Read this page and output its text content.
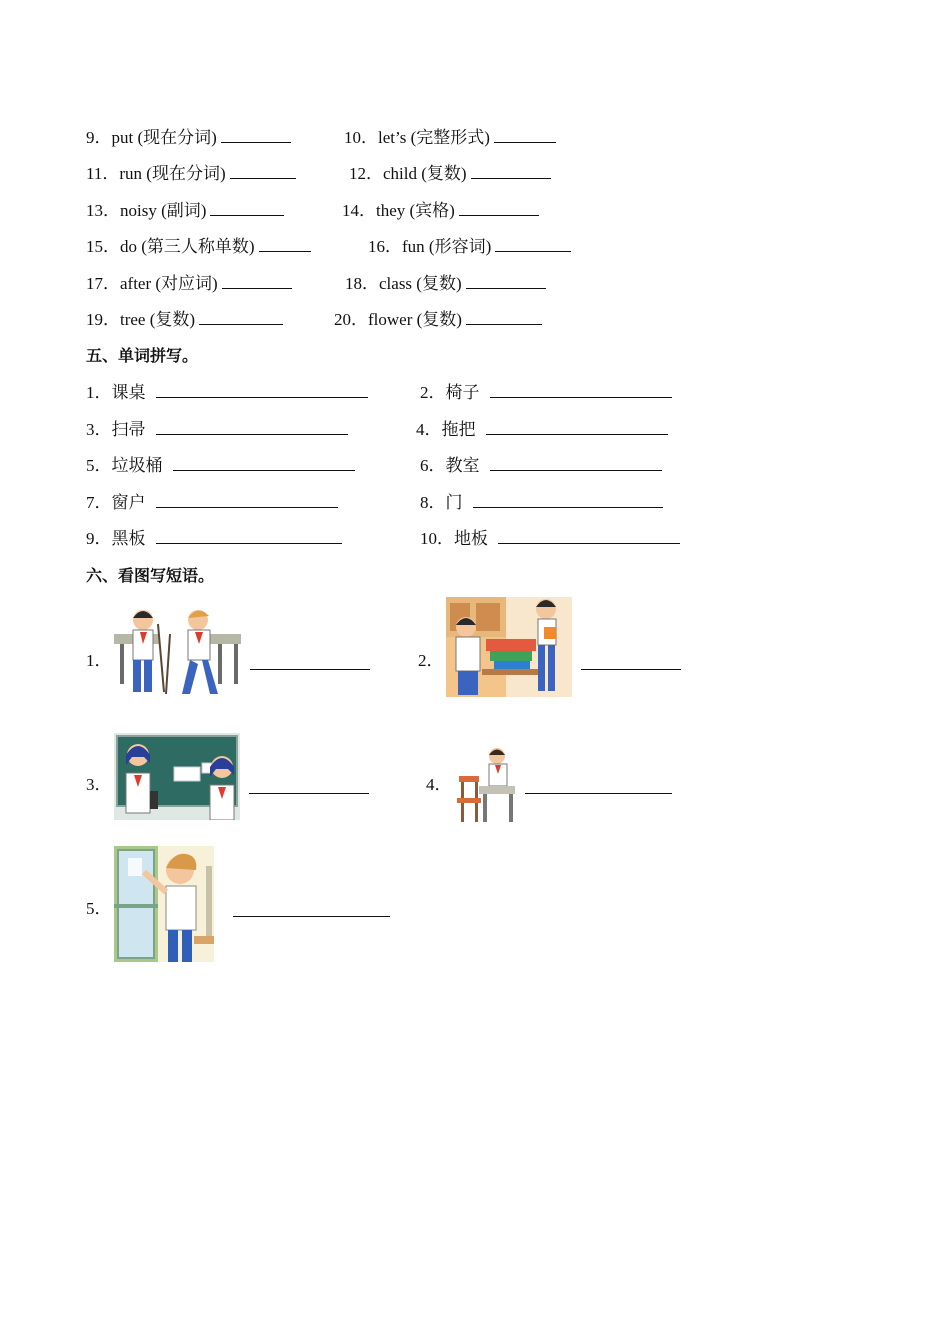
9．put (现在分词)	10．let’s (完整形式)
11．run (现在分词)	12．child (复数)
13．noisy (副词)	14．they (宾格)
15．do (第三人称单数)	16．fun (形容词)
17．after (对应词)	18．class (复数)
19．tree (复数)	20．flower (复数)
五、单词拼写。
1．课桌	2．椅子
3．扫帚	4．拖把
5．垃圾桶	6．教室
7．窗户	8．门
9．黑板	10．地板
六、看图写短语。
1．	2．
3．	4．
5．
